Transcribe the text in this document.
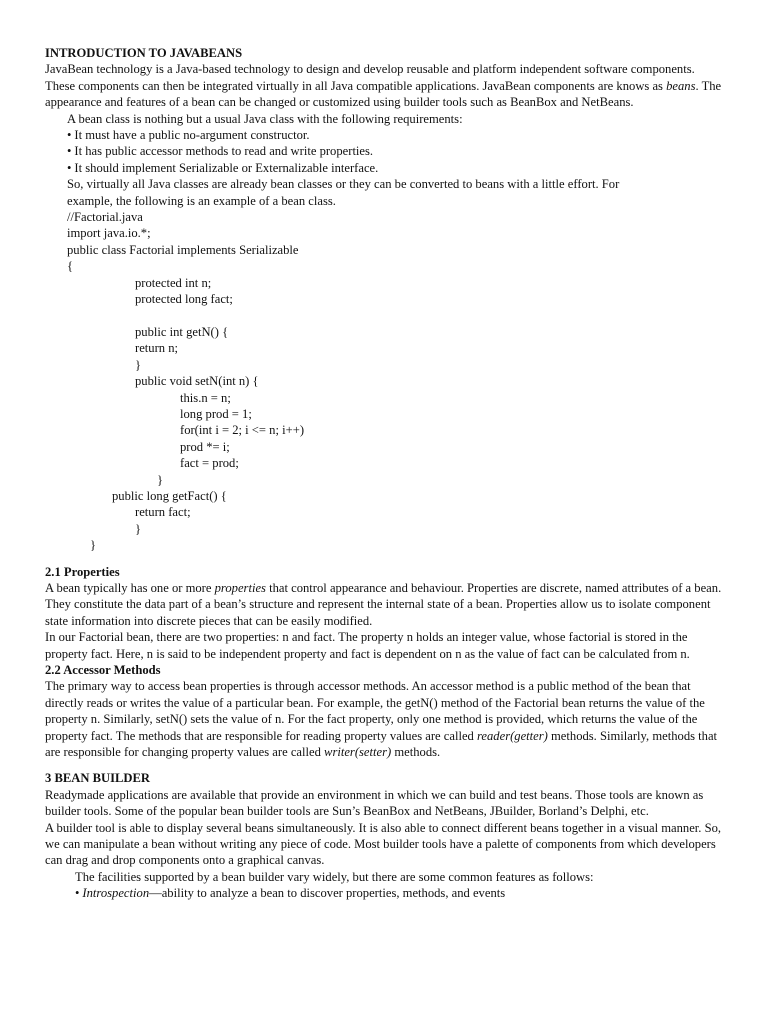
INTRODUCTION TO JAVABEANS

JavaBean technology is a Java-based technology to design and develop reusable and platform independent software components. These components can then be integrated virtually in all Java compatible applications. JavaBean components are knows as beans. The appearance and features of a bean can be changed or customized using builder tools such as BeanBox and NetBeans.

A bean class is nothing but a usual Java class with the following requirements:

• It must have a public no-argument constructor.
• It has public accessor methods to read and write properties.
• It should implement Serializable or Externalizable interface.

So, virtually all Java classes are already bean classes or they can be converted to beans with a little effort. For

example, the following is an example of a bean class.

//Factorial.java
import java.io.*;
public class Factorial implements Serializable
{
protected int n;
protected long fact;
public int getN() {
return n;
}
public void setN(int n) {
this.n = n;
long prod = 1;
for(int i = 2; i <= n; i++)
prod *= i;
fact = prod;
}
public long getFact() {
return fact;
}
}

2.1 Properties

A bean typically has one or more properties that control appearance and behaviour. Properties are discrete, named attributes of a bean. They constitute the data part of a bean’s structure and represent the internal state of a bean. Properties allow us to isolate component state information into discrete pieces that can be easily modified.

In our Factorial bean, there are two properties: n and fact. The property n holds an integer value, whose factorial is stored in the property fact. Here, n is said to be independent property and fact is dependent on n as the value of fact can be calculated from n.

2.2 Accessor Methods

The primary way to access bean properties is through accessor methods. An accessor method is a public method of the bean that directly reads or writes the value of a particular bean. For example, the getN() method of the Factorial bean returns the value of the property n. Similarly, setN() sets the value of n. For the fact property, only one method is provided, which returns the value of the property fact. The methods that are responsible for reading property values are called reader(getter) methods. Similarly, methods that are responsible for changing property values are called writer(setter) methods.

3 BEAN BUILDER

Readymade applications are available that provide an environment in which we can build and test beans. Those tools are known as builder tools. Some of the popular bean builder tools are Sun’s BeanBox and NetBeans, JBuilder, Borland’s Delphi, etc.

A builder tool is able to display several beans simultaneously. It is also able to connect different beans together in a visual manner. So, we can manipulate a bean without writing any piece of code. Most builder tools have a palette of components from which developers can drag and drop components onto a graphical canvas.

The facilities supported by a bean builder vary widely, but there are some common features as follows:

• Introspection—ability to analyze a bean to discover properties, methods, and events
